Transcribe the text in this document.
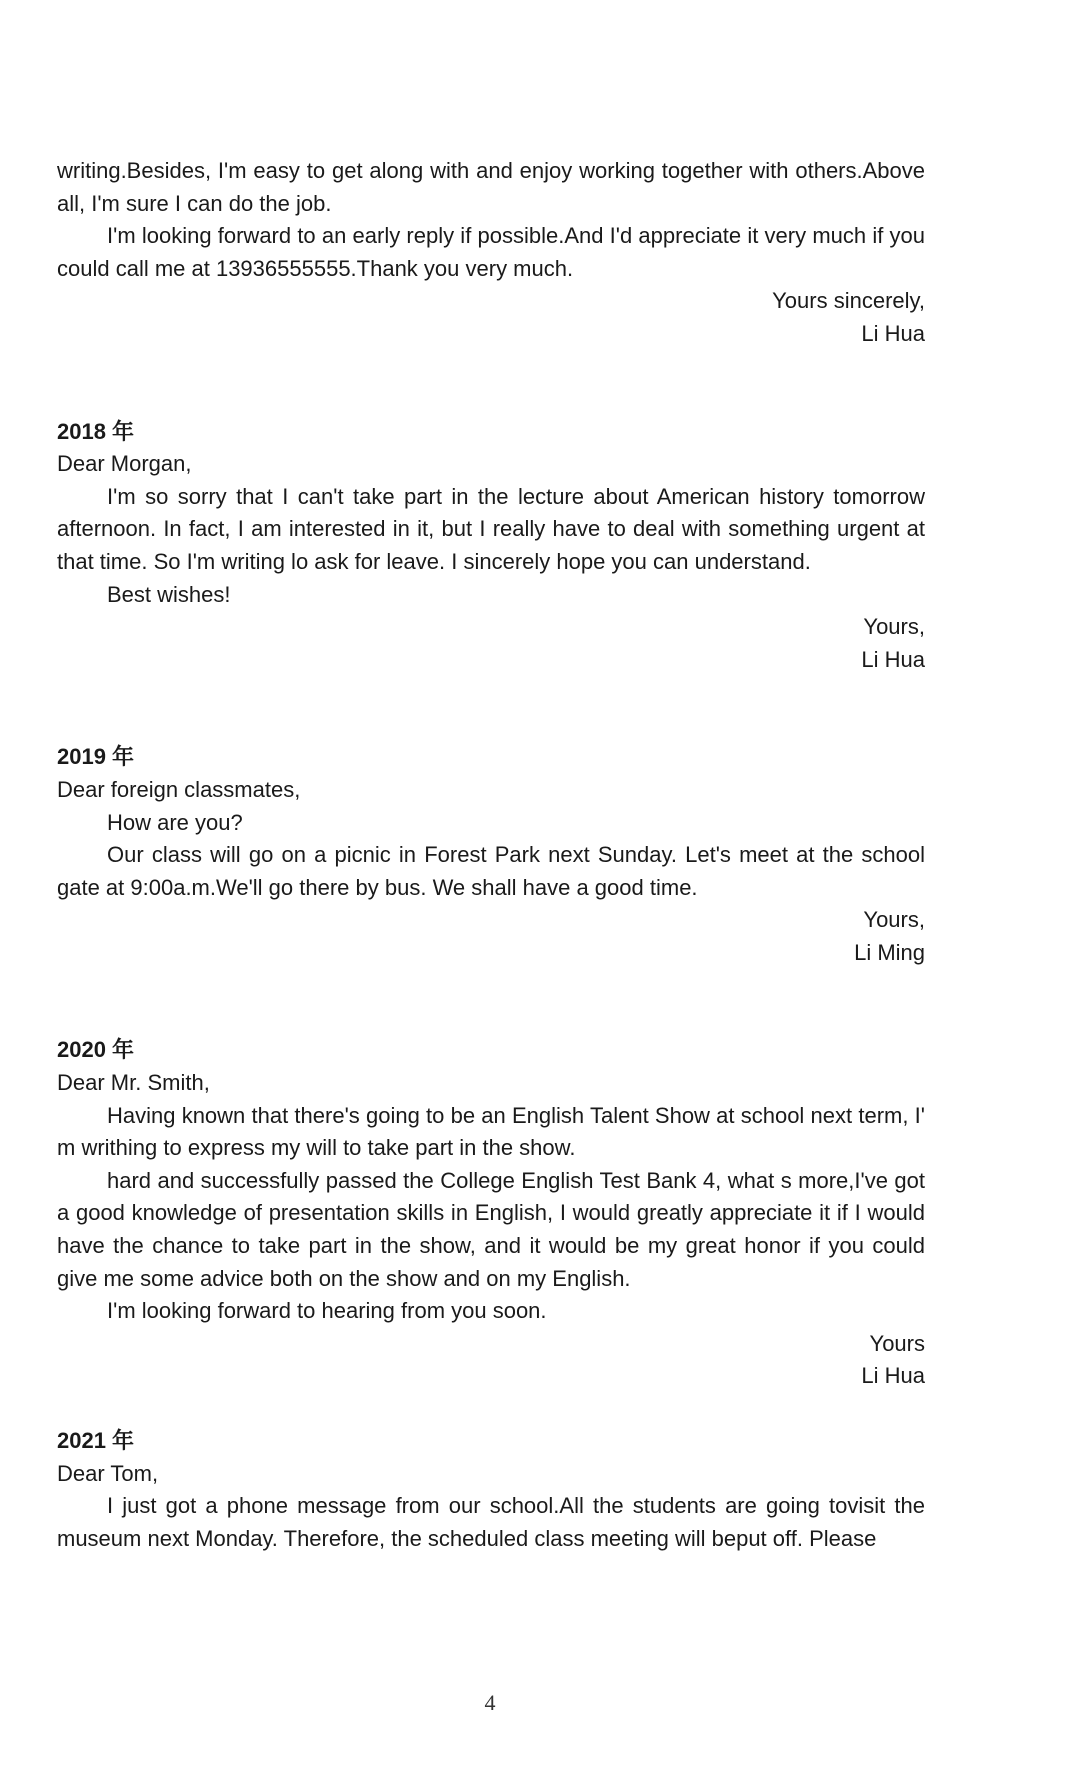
writing.Besides, I'm easy to get along with and enjoy working together with others.Above all, I'm sure I can do the job.

I'm looking forward to an early reply if possible.And I'd appreciate it very much if you could call me at 13936555555.Thank you very much.

Yours sincerely,

Li Hua

2018 年

Dear Morgan,

I'm so sorry that I can't take part in the lecture about American history tomorrow afternoon. In fact, I am interested in it, but I really have to deal with something urgent at that time. So I'm writing lo ask for leave. I sincerely hope you can understand.

Best wishes!

Yours,

Li Hua

2019 年

Dear foreign classmates,

How are you?

Our class will go on a picnic in Forest Park next Sunday. Let's meet at the school gate at 9:00a.m.We'll go there by bus. We shall have a good time.

Yours,

Li Ming

2020 年

Dear Mr. Smith,

Having known that there's going to be an English Talent Show at school next term, I' m writhing to express my will to take part in the show.

hard and successfully passed the College English Test Bank 4, what s more,I've got a good knowledge of presentation skills in English, I would greatly appreciate it if I would have the chance to take part in the show, and it would be my great honor if you could give me some advice both on the show and on my English.

I'm looking forward to hearing from you soon.

Yours

Li Hua

2021 年

Dear Tom,

I just got a phone message from our school.All the students are going tovisit the museum next Monday. Therefore, the scheduled class meeting will beput off. Please

4
